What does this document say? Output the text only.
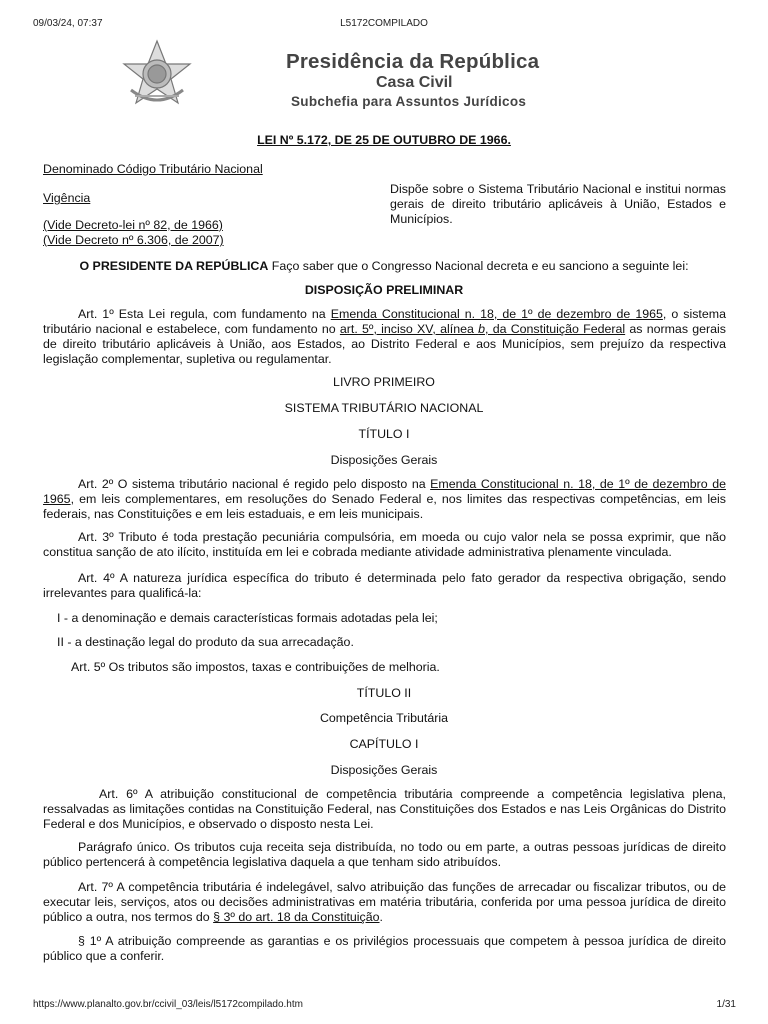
09/03/24, 07:37	L5172COMPILADO
Presidência da República
Casa Civil
Subchefia para Assuntos Jurídicos
LEI Nº 5.172, DE 25 DE OUTUBRO DE 1966.
Denominado Código Tributário Nacional
Vigência
(Vide Decreto-lei nº 82, de 1966)
(Vide Decreto nº 6.306, de 2007)
Dispõe sobre o Sistema Tributário Nacional e institui normas gerais de direito tributário aplicáveis à União, Estados e Municípios.
O PRESIDENTE DA REPÚBLICA Faço saber que o Congresso Nacional decreta e eu sanciono a seguinte lei:
DISPOSIÇÃO PRELIMINAR
Art. 1º Esta Lei regula, com fundamento na Emenda Constitucional n. 18, de 1º de dezembro de 1965, o sistema tributário nacional e estabelece, com fundamento no art. 5º, inciso XV, alínea b, da Constituição Federal as normas gerais de direito tributário aplicáveis à União, aos Estados, ao Distrito Federal e aos Municípios, sem prejuízo da respectiva legislação complementar, supletiva ou regulamentar.
LIVRO PRIMEIRO
SISTEMA TRIBUTÁRIO NACIONAL
TÍTULO I
Disposições Gerais
Art. 2º O sistema tributário nacional é regido pelo disposto na Emenda Constitucional n. 18, de 1º de dezembro de 1965, em leis complementares, em resoluções do Senado Federal e, nos limites das respectivas competências, em leis federais, nas Constituições e em leis estaduais, e em leis municipais.
Art. 3º Tributo é toda prestação pecuniária compulsória, em moeda ou cujo valor nela se possa exprimir, que não constitua sanção de ato ilícito, instituída em lei e cobrada mediante atividade administrativa plenamente vinculada.
Art. 4º A natureza jurídica específica do tributo é determinada pelo fato gerador da respectiva obrigação, sendo irrelevantes para qualificá-la:
I - a denominação e demais características formais adotadas pela lei;
II - a destinação legal do produto da sua arrecadação.
Art. 5º Os tributos são impostos, taxas e contribuições de melhoria.
TÍTULO II
Competência Tributária
CAPÍTULO I
Disposições Gerais
Art. 6º A atribuição constitucional de competência tributária compreende a competência legislativa plena, ressalvadas as limitações contidas na Constituição Federal, nas Constituições dos Estados e nas Leis Orgânicas do Distrito Federal e dos Municípios, e observado o disposto nesta Lei.
Parágrafo único. Os tributos cuja receita seja distribuída, no todo ou em parte, a outras pessoas jurídicas de direito público pertencerá à competência legislativa daquela a que tenham sido atribuídos.
Art. 7º A competência tributária é indelegável, salvo atribuição das funções de arrecadar ou fiscalizar tributos, ou de executar leis, serviços, atos ou decisões administrativas em matéria tributária, conferida por uma pessoa jurídica de direito público a outra, nos termos do § 3º do art. 18 da Constituição.
§ 1º A atribuição compreende as garantias e os privilégios processuais que competem à pessoa jurídica de direito público que a conferir.
https://www.planalto.gov.br/ccivil_03/leis/l5172compilado.htm	1/31
